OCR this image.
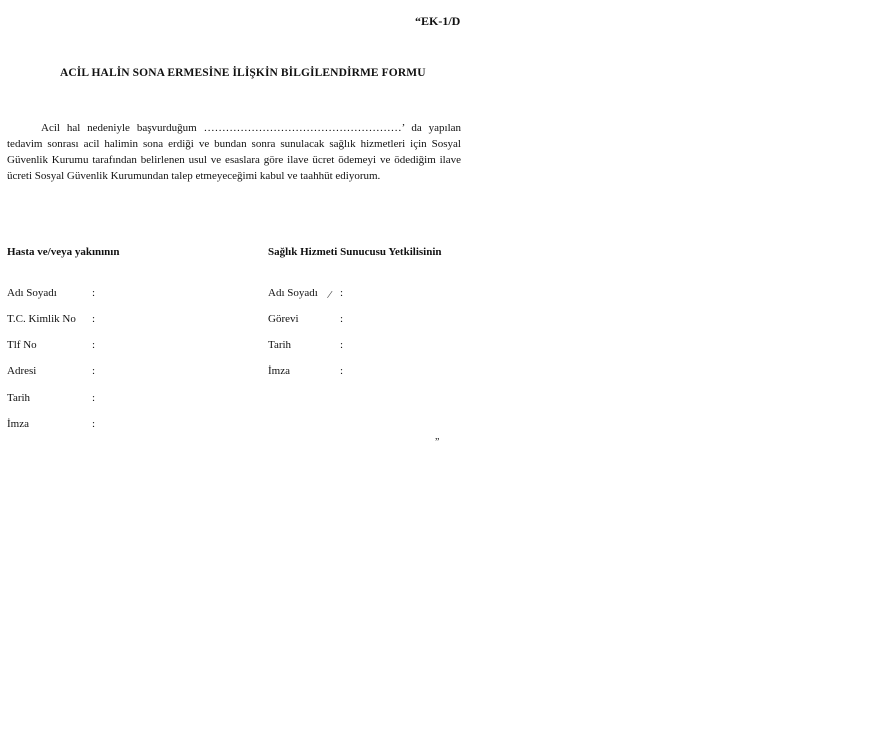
“EK-1/D
ACİL HALİN SONA ERMESİNE İLİŞKİN BİLGİLENDİRME FORMU
Acil hal nedeniyle başvurduğum ………………………………………………’ da yapılan tedavim sonrası acil halimin sona erdiği ve bundan sonra sunulacak sağlık hizmetleri için Sosyal Güvenlik Kurumu tarafından belirlenen usul ve esaslara göre ilave ücret ödemeyi ve ödediğim ilave ücreti Sosyal Güvenlik Kurumundan talep etmeyeceğimi kabul ve taahhüt ediyorum.
Hasta ve/veya yakınının
Adı Soyadı	:
T.C. Kimlik No :
Tlf No	:
Adresi	:
Tarih	:
İmza	:
Sağlık Hizmeti Sunucusu Yetkilisinin
Adı Soyadı / :
Görevi	:
Tarih	:
İmza	:
”
